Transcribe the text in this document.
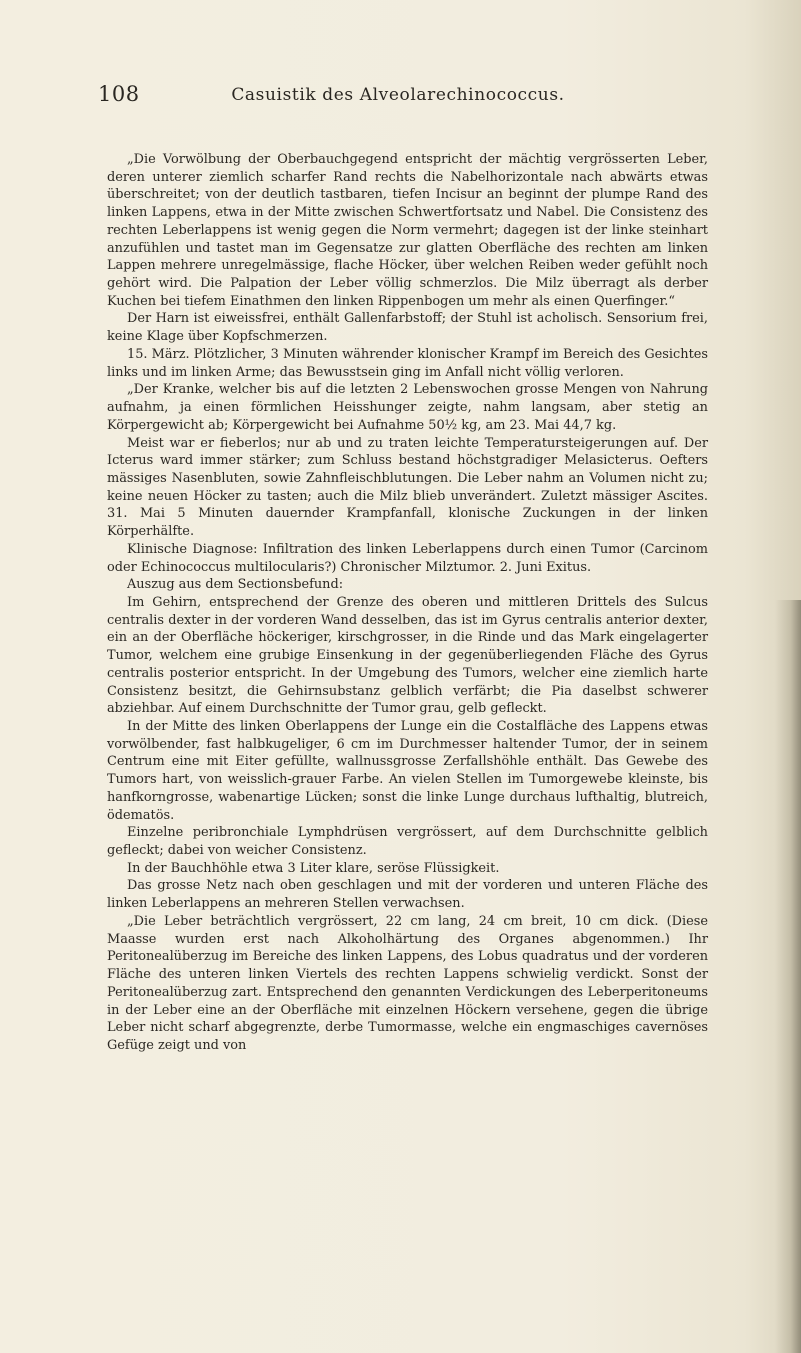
108	Casuistik des Alveolarechinococcus.

„Die Vorwölbung der Oberbauchgegend entspricht der mächtig vergrösserten Leber, deren unterer ziemlich scharfer Rand rechts die Nabelhorizontale nach abwärts etwas überschreitet; von der deutlich tastbaren, tiefen Incisur an beginnt der plumpe Rand des linken Lappens, etwa in der Mitte zwischen Schwertfortsatz und Nabel. Die Consistenz des rechten Leberlappens ist wenig gegen die Norm vermehrt; dagegen ist der linke steinhart anzufühlen und tastet man im Gegensatze zur glatten Oberfläche des rechten am linken Lappen mehrere unregelmässige, flache Höcker, über welchen Reiben weder gefühlt noch gehört wird. Die Palpation der Leber völlig schmerzlos. Die Milz überragt als derber Kuchen bei tiefem Einathmen den linken Rippenbogen um mehr als einen Querfinger.“

Der Harn ist eiweissfrei, enthält Gallenfarbstoff; der Stuhl ist acholisch. Sensorium frei, keine Klage über Kopfschmerzen.

15. März. Plötzlicher, 3 Minuten währender klonischer Krampf im Bereich des Gesichtes links und im linken Arme; das Bewusstsein ging im Anfall nicht völlig verloren.

„Der Kranke, welcher bis auf die letzten 2 Lebenswochen grosse Mengen von Nahrung aufnahm, ja einen förmlichen Heisshunger zeigte, nahm langsam, aber stetig an Körpergewicht ab; Körpergewicht bei Aufnahme 50½ kg, am 23. Mai 44,7 kg.

Meist war er fieberlos; nur ab und zu traten leichte Temperatursteigerungen auf. Der Icterus ward immer stärker; zum Schluss bestand höchstgradiger Melasicterus. Oefters mässiges Nasenbluten, sowie Zahnfleischblutungen. Die Leber nahm an Volumen nicht zu; keine neuen Höcker zu tasten; auch die Milz blieb unverändert. Zuletzt mässiger Ascites. 31. Mai 5 Minuten dauernder Krampfanfall, klonische Zuckungen in der linken Körperhälfte.

Klinische Diagnose: Infiltration des linken Leberlappens durch einen Tumor (Carcinom oder Echinococcus multilocularis?) Chronischer Milztumor. 2. Juni Exitus.

Auszug aus dem Sectionsbefund:

Im Gehirn, entsprechend der Grenze des oberen und mittleren Drittels des Sulcus centralis dexter in der vorderen Wand desselben, das ist im Gyrus centralis anterior dexter, ein an der Oberfläche höckeriger, kirschgrosser, in die Rinde und das Mark eingelagerter Tumor, welchem eine grubige Einsenkung in der gegenüberliegenden Fläche des Gyrus centralis posterior entspricht. In der Umgebung des Tumors, welcher eine ziemlich harte Consistenz besitzt, die Gehirnsubstanz gelblich verfärbt; die Pia daselbst schwerer abziehbar. Auf einem Durchschnitte der Tumor grau, gelb gefleckt.

In der Mitte des linken Oberlappens der Lunge ein die Costalfläche des Lappens etwas vorwölbender, fast halbkugeliger, 6 cm im Durchmesser haltender Tumor, der in seinem Centrum eine mit Eiter gefüllte, wallnussgrosse Zerfallshöhle enthält. Das Gewebe des Tumors hart, von weisslich-grauer Farbe. An vielen Stellen im Tumorgewebe kleinste, bis hanfkorngrosse, wabenartige Lücken; sonst die linke Lunge durchaus lufthaltig, blutreich, ödematös.

Einzelne peribronchiale Lymphdrüsen vergrössert, auf dem Durchschnitte gelblich gefleckt; dabei von weicher Consistenz.

In der Bauchhöhle etwa 3 Liter klare, seröse Flüssigkeit.

Das grosse Netz nach oben geschlagen und mit der vorderen und unteren Fläche des linken Leberlappens an mehreren Stellen verwachsen.

„Die Leber beträchtlich vergrössert, 22 cm lang, 24 cm breit, 10 cm dick. (Diese Maasse wurden erst nach Alkoholhärtung des Organes abgenommen.) Ihr Peritonealüberzug im Bereiche des linken Lappens, des Lobus quadratus und der vorderen Fläche des unteren linken Viertels des rechten Lappens schwielig verdickt. Sonst der Peritonealüberzug zart. Entsprechend den genannten Verdickungen des Leberperitoneums in der Leber eine an der Oberfläche mit einzelnen Höckern versehene, gegen die übrige Leber nicht scharf abgegrenzte, derbe Tumormasse, welche ein engmaschiges cavernöses Gefüge zeigt und von
